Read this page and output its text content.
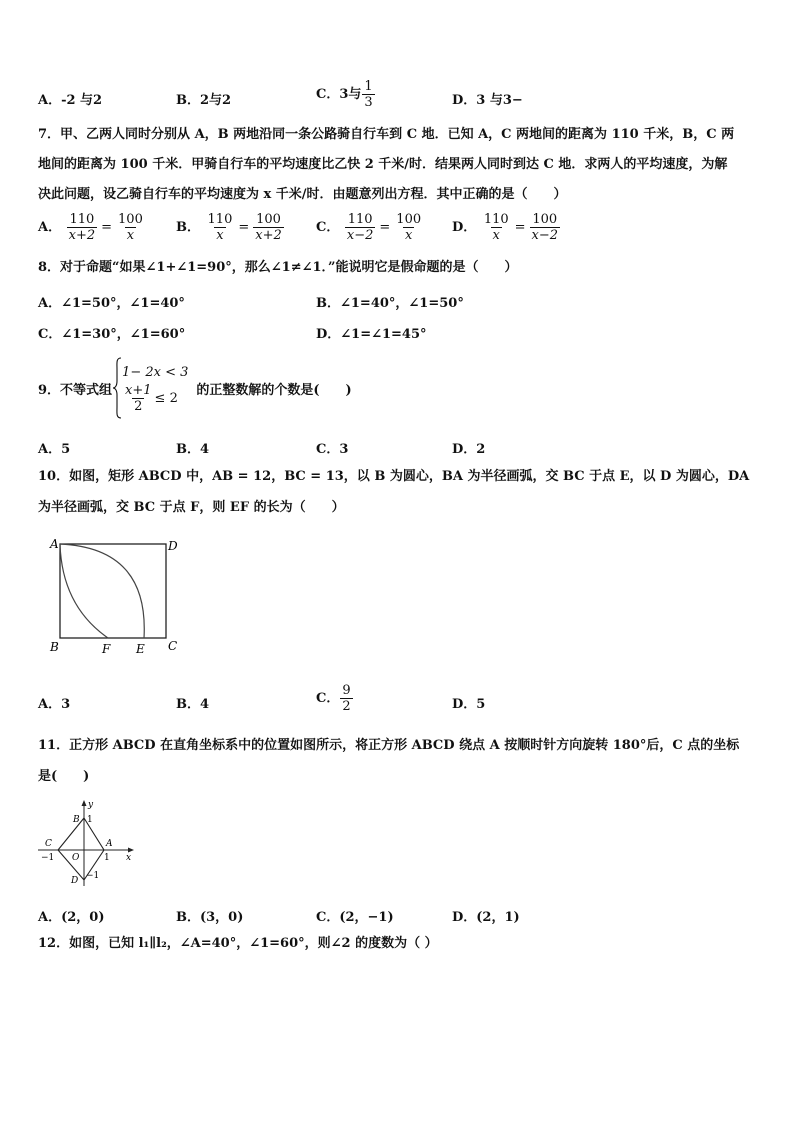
A．-2 与2	B．2与2	C．3与 $\frac{1}{3}$	D．3 与3−
7．甲、乙两人同时分别从 A，B 两地沿同一条公路骑自行车到 C 地．已知 A，C 两地间的距离为 110 千米，B，C 两
地间的距离为 100 千米．甲骑自行车的平均速度比乙快 2 千米/时．结果两人同时到达 C 地．求两人的平均速度，为解
决此问题，设乙骑自行车的平均速度为 x 千米/时．由题意列出方程．其中正确的是（　　）
A． $\frac{110}{x+2} = \frac{100}{x}$ B． $\frac{110}{x} = \frac{100}{x+2}$ C． $\frac{110}{x-2} = \frac{100}{x}$ D． $\frac{110}{x} = \frac{100}{x-2}$
8．对于命题“如果∠1+∠1=90°，那么∠1≠∠1．”能说明它是假命题的是（　　）
A．∠1=50°，∠1=40°	B．∠1=40°，∠1=50°
C．∠1=30°，∠1=60°	D．∠1=∠1=45°
9．不等式组
1− 2x < 3
$\frac{x+1}{2} \le 2$
的正整数解的个数是(　　)
A．5	B．4	C．3	D．2
10．如图，矩形 ABCD 中，AB = 12，BC = 13，以 B 为圆心，BA 为半径画弧，交 BC 于点 E，以 D 为圆心，DA
为半径画弧，交 BC 于点 F，则 EF 的长为（　　）
A	D
B	F E C
A．3	B．4	C． $\frac{9}{2}$	D．5
11．正方形 ABCD 在直角坐标系中的位置如图所示，将正方形 ABCD 绕点 A 按顺时针方向旋转 180°后，C 点的坐标
是(　　)
y
x
B 1
A
1
C
−1 O
D −1
A．(2，0)	B．(3，0)	C．(2，−1)	D．(2，1)
12．如图，已知 l₁∥l₂，∠A=40°，∠1=60°，则∠2 的度数为（ ）
